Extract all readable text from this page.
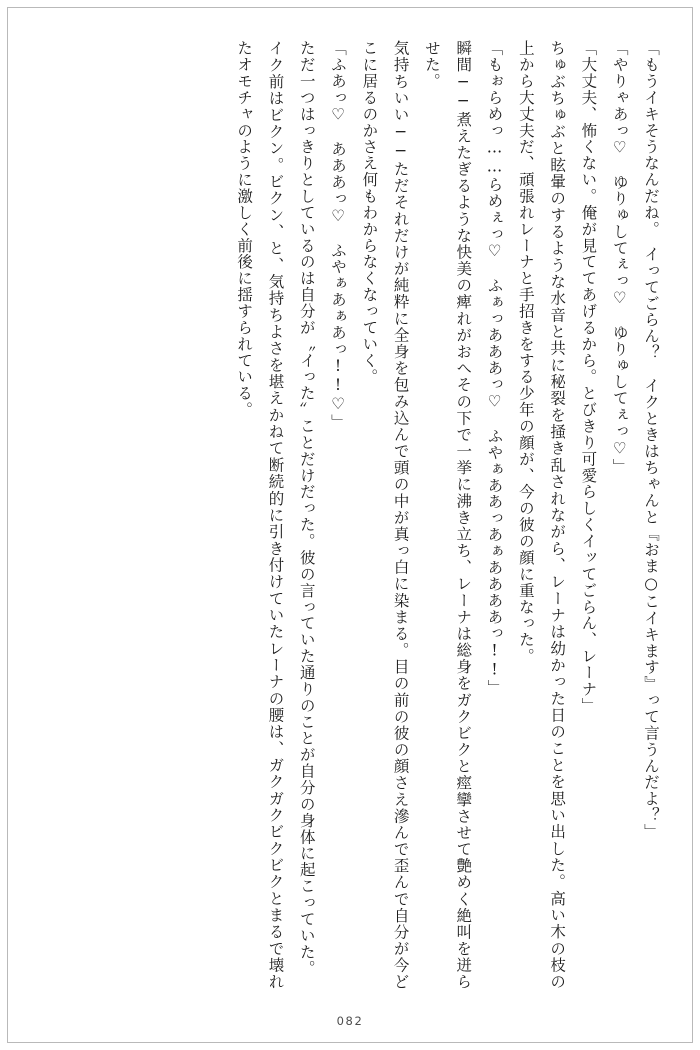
「もうイキそうなんだね。　イってごらん？　イクときはちゃんと『おま○こイキます』って言うんだよ？」

「やりゃあっ♡　ゆりゅしてぇっ♡　ゆりゅしてぇっ♡」

「大丈夫、怖くない。俺が見ててあげるから。とびきり可愛らしくイッてごらん、レーナ」

ちゅぶちゅぶと眩暈のするような水音と共に秘裂を掻き乱されながら、レーナは幼かった日のことを思い出した。高い木の枝の上から大丈夫だ、頑張れレーナと手招きをする少年の顔が、今の彼の顔に重なった。

「もぉらめっ……らめぇっ♡　ふぁっあああっ♡　ふやぁああっあぁああああっ!!」

瞬間──煮えたぎるような快美の痺れがおへその下で一挙に沸き立ち、レーナは総身をガクビクと痙攣させて艶めく絶叫を迸らせた。

気持ちいい──ただそれだけが純粋に全身を包み込んで頭の中が真っ白に染まる。目の前の彼の顔さえ滲んで歪んで自分が今どこに居るのかさえ何もわからなくなっていく。

「ふあっ♡　あああっ♡　ふやぁあぁあっ!!♡」

ただ一つはっきりとしているのは自分が〝イった〟ことだけだった。彼の言っていた通りのことが自分の身体に起こっていた。

イク前はビクン。ビクン、と、気持ちよさを堪えかねて断続的に引き付けていたレーナの腰は、ガクガクビクビクとまるで壊れたオモチャのように激しく前後に揺すられている。

082
